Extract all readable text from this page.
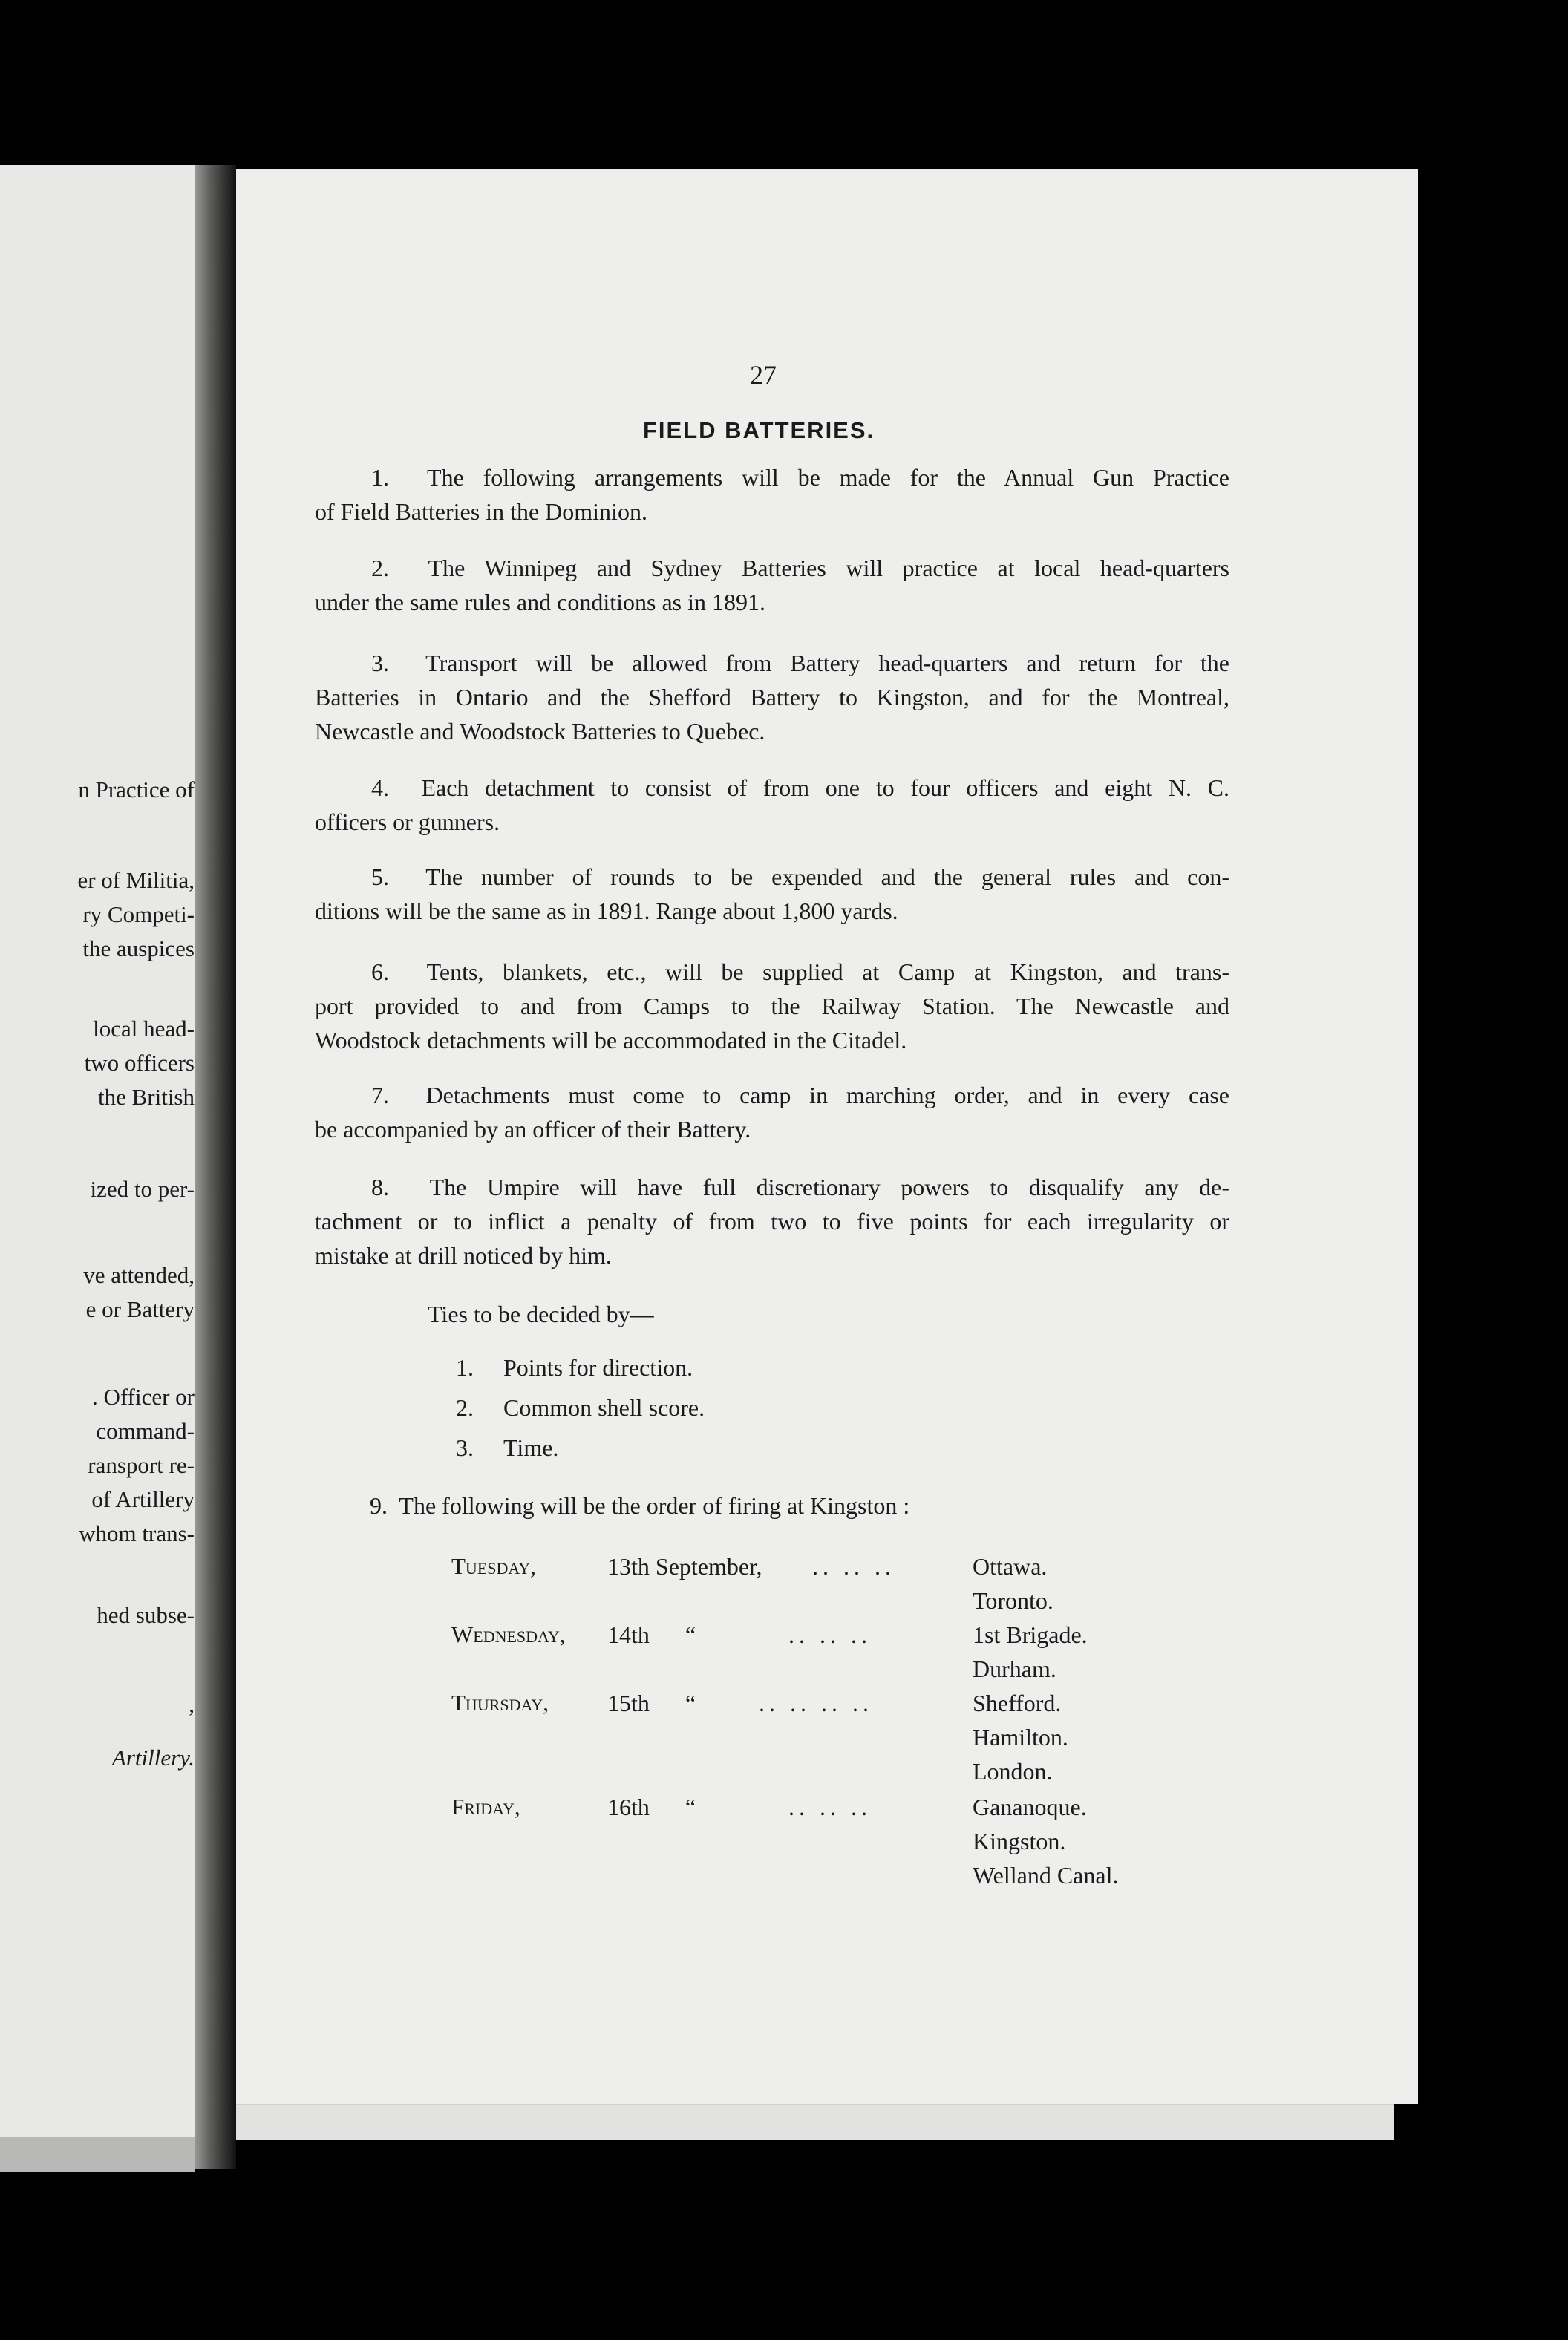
n Practice of
er of Militia,
ry Competi-
the auspices
local head-
two officers
the British
ized to per-
ve attended,
e or Battery
. Officer or
command-
ransport re-
of Artillery
whom trans-
hed subse-
,
Artillery.
27
FIELD BATTERIES.
1. The following arrangements will be made for the Annual Gun Practice
of Field Batteries in the Dominion.
2. The Winnipeg and Sydney Batteries will practice at local head-quarters
under the same rules and conditions as in 1891.
3. Transport will be allowed from Battery head-quarters and return for the
Batteries in Ontario and the Shefford Battery to Kingston, and for the Montreal,
Newcastle and Woodstock Batteries to Quebec.
4. Each detachment to consist of from one to four officers and eight N. C.
officers or gunners.
5. The number of rounds to be expended and the general rules and con-
ditions will be the same as in 1891. Range about 1,800 yards.
6. Tents, blankets, etc., will be supplied at Camp at Kingston, and trans-
port provided to and from Camps to the Railway Station. The Newcastle and
Woodstock detachments will be accommodated in the Citadel.
7. Detachments must come to camp in marching order, and in every case
be accompanied by an officer of their Battery.
8. The Umpire will have full discretionary powers to disqualify any de-
tachment or to inflict a penalty of from two to five points for each irregularity or
mistake at drill noticed by him.
Ties to be decided by—
1. Points for direction.
2. Common shell score.
3. Time.
9. The following will be the order of firing at Kingston :
Tuesday,	13th September, .. .. ..	Ottawa.
Toronto.
Wednesday, 14th      “	.. .. ..	1st Brigade.
Durham.
Thursday, 15th      “	.. .. .. ..	Shefford.
Hamilton.
London.
Friday,	16th      “	.. .. ..	Gananoque.
Kingston.
Welland Canal.
